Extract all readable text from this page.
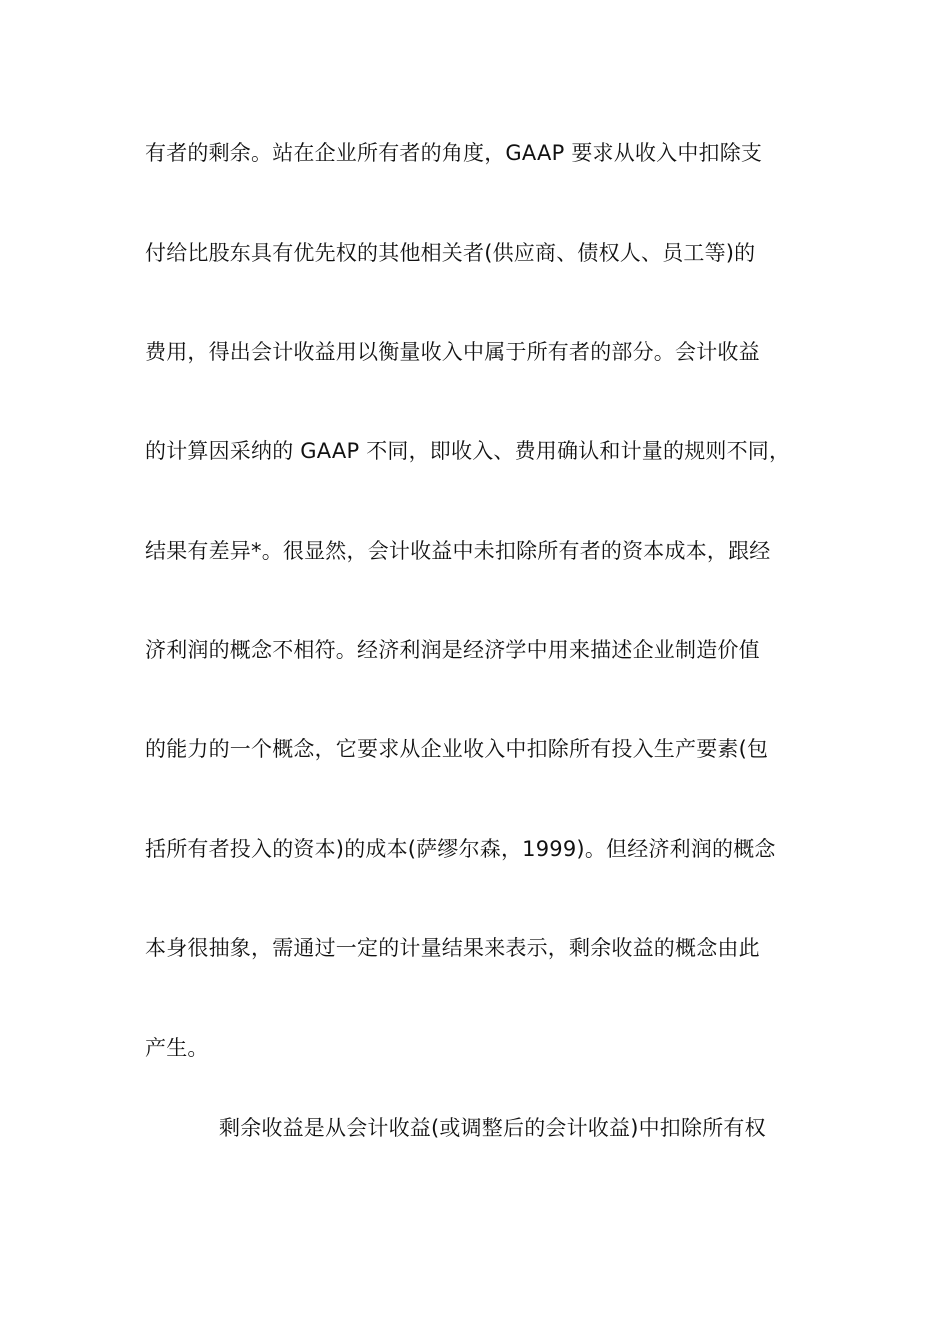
有者的剩余。站在企业所有者的角度，GAAP 要求从收入中扣除支
付给比股东具有优先权的其他相关者(供应商、债权人、员工等)的
费用，得出会计收益用以衡量收入中属于所有者的部分。会计收益
的计算因采纳的 GAAP 不同，即收入、费用确认和计量的规则不同，
结果有差异*。很显然，会计收益中未扣除所有者的资本成本，跟经
济利润的概念不相符。经济利润是经济学中用来描述企业制造价值
的能力的一个概念，它要求从企业收入中扣除所有投入生产要素(包
括所有者投入的资本)的成本(萨缪尔森，1999)。但经济利润的概念
本身很抽象，需通过一定的计量结果来表示，剩余收益的概念由此
产生。
剩余收益是从会计收益(或调整后的会计收益)中扣除所有权
